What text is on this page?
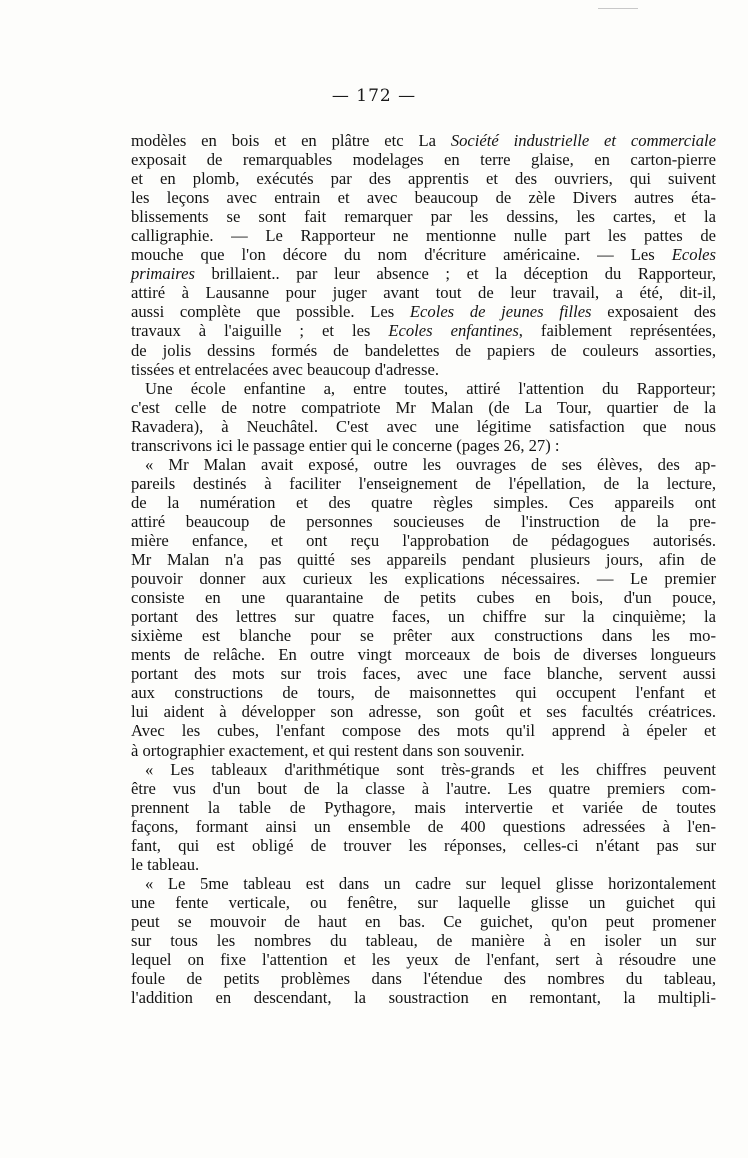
— 172 —
modèles en bois et en plâtre etc La Société industrielle et commerciale
exposait de remarquables modelages en terre glaise, en carton-pierre
et en plomb, exécutés par des apprentis et des ouvriers, qui suivent
les leçons avec entrain et avec beaucoup de zèle Divers autres éta-
blissements se sont fait remarquer par les dessins, les cartes, et la
calligraphie. — Le Rapporteur ne mentionne nulle part les pattes de
mouche que l'on décore du nom d'écriture américaine. — Les Ecoles
primaires brillaient.. par leur absence ; et la déception du Rapporteur,
attiré à Lausanne pour juger avant tout de leur travail, a été, dit-il,
aussi complète que possible. Les Ecoles de jeunes filles exposaient des
travaux à l'aiguille ; et les Ecoles enfantines, faiblement représentées,
de jolis dessins formés de bandelettes de papiers de couleurs assorties,
tissées et entrelacées avec beaucoup d'adresse.
Une école enfantine a, entre toutes, attiré l'attention du Rapporteur;
c'est celle de notre compatriote Mr Malan (de La Tour, quartier de la
Ravadera), à Neuchâtel. C'est avec une légitime satisfaction que nous
transcrivons ici le passage entier qui le concerne (pages 26, 27) :
« Mr Malan avait exposé, outre les ouvrages de ses élèves, des ap-
pareils destinés à faciliter l'enseignement de l'épellation, de la lecture,
de la numération et des quatre règles simples. Ces appareils ont
attiré beaucoup de personnes soucieuses de l'instruction de la pre-
mière enfance, et ont reçu l'approbation de pédagogues autorisés.
Mr Malan n'a pas quitté ses appareils pendant plusieurs jours, afin de
pouvoir donner aux curieux les explications nécessaires. — Le premier
consiste en une quarantaine de petits cubes en bois, d'un pouce,
portant des lettres sur quatre faces, un chiffre sur la cinquième; la
sixième est blanche pour se prêter aux constructions dans les mo-
ments de relâche. En outre vingt morceaux de bois de diverses longueurs
portant des mots sur trois faces, avec une face blanche, servent aussi
aux constructions de tours, de maisonnettes qui occupent l'enfant et
lui aident à développer son adresse, son goût et ses facultés créatrices.
Avec les cubes, l'enfant compose des mots qu'il apprend à épeler et
à ortographier exactement, et qui restent dans son souvenir.
« Les tableaux d'arithmétique sont très-grands et les chiffres peuvent
être vus d'un bout de la classe à l'autre. Les quatre premiers com-
prennent la table de Pythagore, mais intervertie et variée de toutes
façons, formant ainsi un ensemble de 400 questions adressées à l'en-
fant, qui est obligé de trouver les réponses, celles-ci n'étant pas sur
le tableau.
« Le 5me tableau est dans un cadre sur lequel glisse horizontalement
une fente verticale, ou fenêtre, sur laquelle glisse un guichet qui
peut se mouvoir de haut en bas. Ce guichet, qu'on peut promener
sur tous les nombres du tableau, de manière à en isoler un sur
lequel on fixe l'attention et les yeux de l'enfant, sert à résoudre une
foule de petits problèmes dans l'étendue des nombres du tableau,
l'addition en descendant, la soustraction en remontant, la multipli-
